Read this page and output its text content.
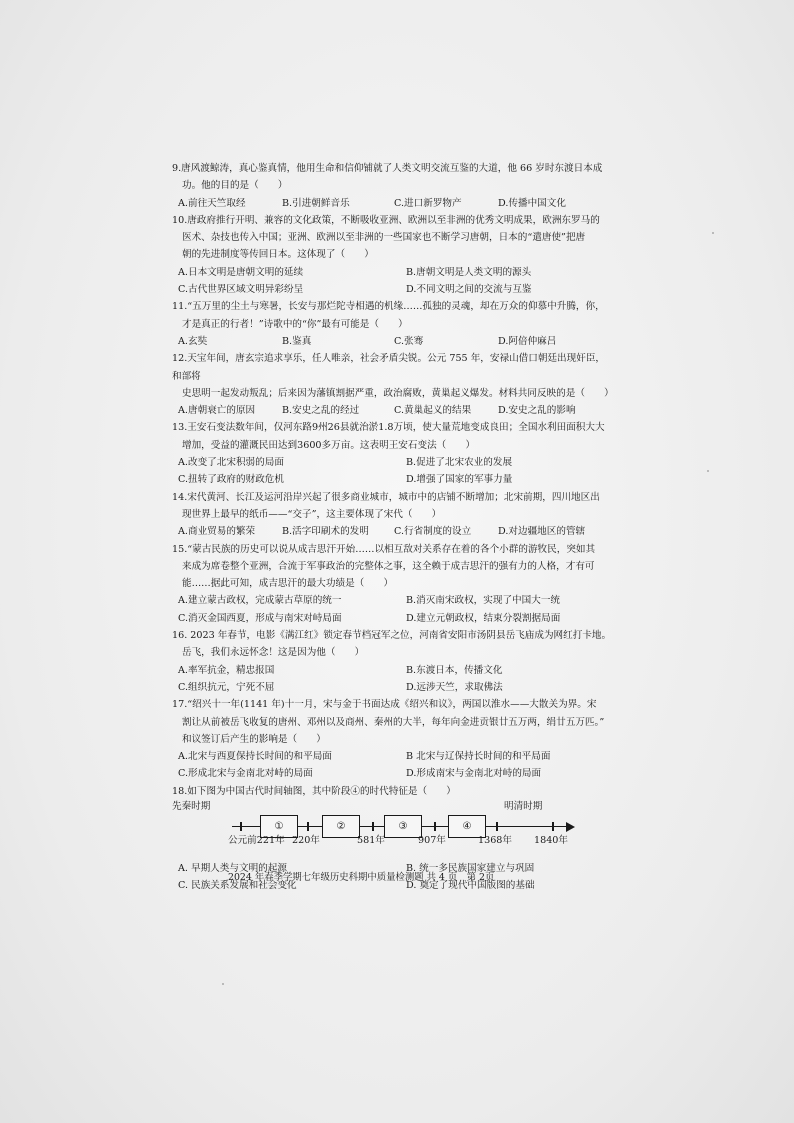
9.唐风渡鲸涛，真心鉴真情，他用生命和信仰铺就了人类文明交流互鉴的大道，他 66 岁时东渡日本成
功。他的目的是（　　）
A.前往天竺取经	B.引进朝鲜音乐	C.进口新罗物产	D.传播中国文化
10.唐政府推行开明、兼容的文化政策，不断吸收亚洲、欧洲以至非洲的优秀文明成果，欧洲东罗马的
医术、杂技也传入中国；亚洲、欧洲以至非洲的一些国家也不断学习唐朝，日本的“遣唐使”把唐
朝的先进制度等传回日本。这体现了（　　）
A.日本文明是唐朝文明的延续	B.唐朝文明是人类文明的源头
C.古代世界区域文明异彩纷呈	D.不同文明之间的交流与互鉴
11.“五万里的尘土与寒暑，长安与那烂陀寺相遇的机缘……孤独的灵魂，却在万众的仰慕中升腾，你，
才是真正的行者！”诗歌中的“你”最有可能是（　　）
A.玄奘	B.鉴真	C.张骞	D.阿倍仲麻吕
12.天宝年间，唐玄宗追求享乐，任人唯亲，社会矛盾尖锐。公元 755 年，安禄山借口朝廷出现奸臣，和部将
史思明一起发动叛乱；后来因为藩镇割据严重，政治腐败，黄巢起义爆发。材料共同反映的是（　　）
A.唐朝衰亡的原因	B.安史之乱的经过	C.黄巢起义的结果	D.安史之乱的影响
13.王安石变法数年间，仅河东路9州26县就治淤1.8万顷，使大量荒地变成良田；全国水利田面积大大
增加，受益的灌溉民田达到3600多万亩。这表明王安石变法（　　）
A.改变了北宋积弱的局面	B.促进了北宋农业的发展
C.扭转了政府的财政危机	D.增强了国家的军事力量
14.宋代黄河、长江及运河沿岸兴起了很多商业城市，城市中的店铺不断增加；北宋前期，四川地区出
现世界上最早的纸币——“交子”，这主要体现了宋代（　　）
A.商业贸易的繁荣	B.活字印刷术的发明	C.行省制度的设立	D.对边疆地区的管辖
15.“蒙古民族的历史可以说从成吉思汗开始……以相互敌对关系存在着的各个小群的游牧民，突如其
来成为席卷整个亚洲，合流于军事政治的完整体之事，这全赖于成吉思汗的强有力的人格，才有可
能……据此可知，成吉思汗的最大功绩是（　　）
A.建立蒙古政权，完成蒙古草原的统一	B.消灭南宋政权，实现了中国大一统
C.消灭金国西夏，形成与南宋对峙局面	D.建立元朝政权，结束分裂割据局面
16. 2023 年春节，电影《满江红》锁定春节档冠军之位，河南省安阳市汤阴县岳飞庙成为网红打卡地。
岳飞，我们永远怀念！这是因为他（　　）
A.率军抗金，精忠报国	B.东渡日本，传播文化
C.组织抗元，宁死不屈	D.远涉天竺，求取佛法
17.“绍兴十一年(1141 年)十一月，宋与金于书面达成《绍兴和议》，两国以淮水——大散关为界。宋
割让从前被岳飞收复的唐州、邓州以及商州、秦州的大半，每年向金进贡银廿五万两，绢廿五万匹。”
和议签订后产生的影响是（　　）
A.北宋与西夏保持长时间的和平局面	B 北宋与辽保持长时间的和平局面
C.形成北宋与金南北对峙的局面	D.形成南宋与金南北对峙的局面
18.如下图为中国古代时间轴图，其中阶段④的时代特征是（　　）
先秦时期	明清时期
①	②	③	④
公元前221年 220年	581年	907年	1368年 1840年
A. 早期人类与文明的起源	B. 统一多民族国家建立与巩固
C. 民族关系发展和社会变化	D. 奠定了现代中国版图的基础
2024 年春季学期七年级历史科期中质量检测题 共 4 页　第 2页
